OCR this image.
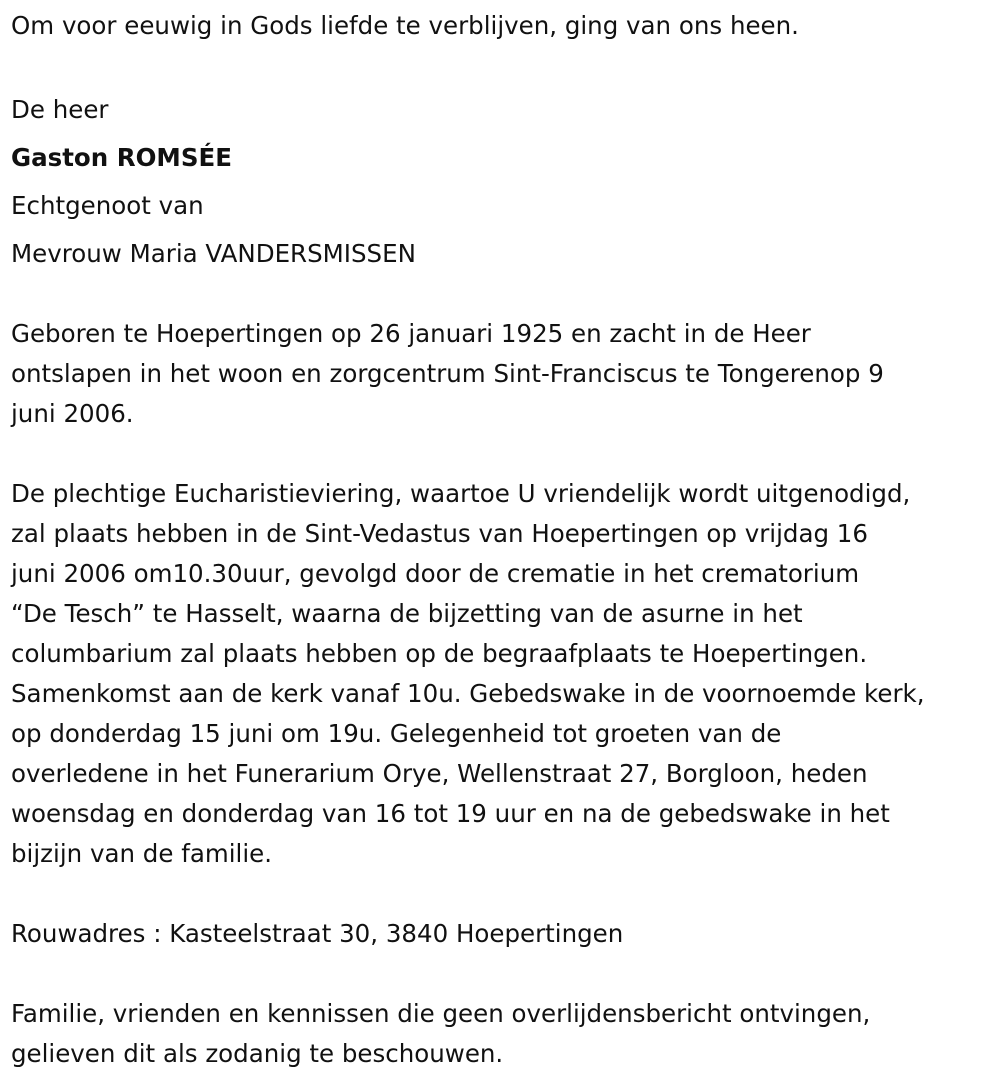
Om voor eeuwig in Gods liefde te verblijven, ging van ons heen.
De heer
Gaston ROMSÉE
Echtgenoot van
Mevrouw Maria VANDERSMISSEN
Geboren te Hoepertingen op 26 januari 1925 en zacht in de Heer
ontslapen in het woon en zorgcentrum Sint-Franciscus te Tongerenop 9
juni 2006.
De plechtige Eucharistieviering, waartoe U vriendelijk wordt uitgenodigd,
zal plaats hebben in de Sint-Vedastus van Hoepertingen op vrijdag 16
juni 2006 om10.30uur, gevolgd door de crematie in het crematorium
“De Tesch” te Hasselt, waarna de bijzetting van de asurne in het
columbarium zal plaats hebben op de begraafplaats te Hoepertingen.
Samenkomst aan de kerk vanaf 10u. Gebedswake in de voornoemde kerk,
op donderdag 15 juni om 19u. Gelegenheid tot groeten van de
overledene in het Funerarium Orye, Wellenstraat 27, Borgloon, heden
woensdag en donderdag van 16 tot 19 uur en na de gebedswake in het
bijzijn van de familie.
Rouwadres : Kasteelstraat 30, 3840 Hoepertingen
Familie, vrienden en kennissen die geen overlijdensbericht ontvingen,
gelieven dit als zodanig te beschouwen.
